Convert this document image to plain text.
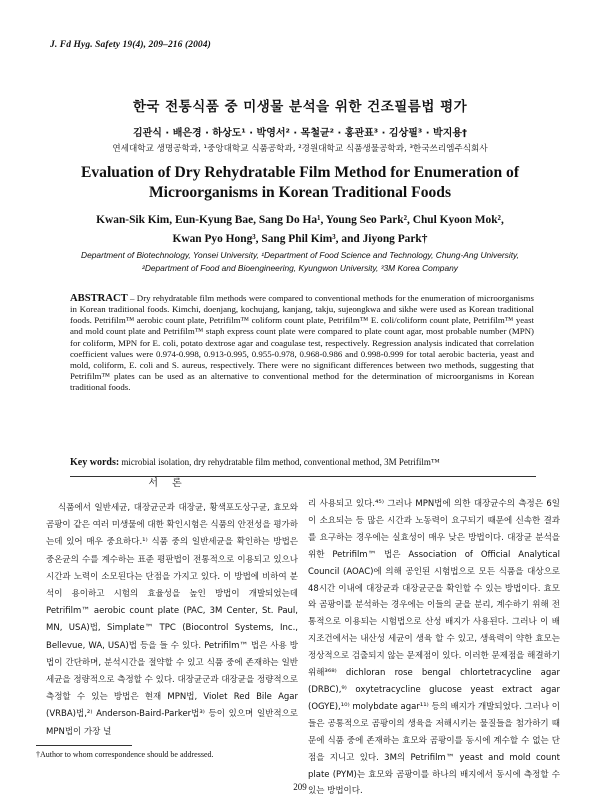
J. Fd Hyg. Safety 19(4), 209–216 (2004)
한국 전통식품 중 미생물 분석을 위한 건조필름법 평가
김관식 · 배은경 · 하상도¹ · 박영서² · 목철균² · 홍관표³ · 김상필³ · 박지용†
연세대학교 생명공학과, ¹중앙대학교 식품공학과, ²경원대학교 식품생물공학과, ³한국쓰리엠주식회사
Evaluation of Dry Rehydratable Film Method for Enumeration of
Microorganisms in Korean Traditional Foods
Kwan-Sik Kim, Eun-Kyung Bae, Sang Do Ha¹, Young Seo Park², Chul Kyoon Mok²,
Kwan Pyo Hong³, Sang Phil Kim³, and Jiyong Park†
Department of Biotechnology, Yonsei University, ¹Department of Food Science and Technology, Chung-Ang University,
²Department of Food and Bioengineering, Kyungwon University, ³3M Korea Company
ABSTRACT – Dry rehydratable film methods were compared to conventional methods for the enumeration of microorganisms in Korean traditional foods. Kimchi, doenjang, kochujang, kanjang, takju, sujeongkwa and sikhe were used as Korean traditional foods. Petrifilm™ aerobic count plate, Petrifilm™ coliform count plate, Petrifilm™ E. coli/coliform count plate, Petrifilm™ yeast and mold count plate and Petrifilm™ staph express count plate were compared to plate count agar, most probable number (MPN) for coliform, MPN for E. coli, potato dextrose agar and coagulase test, respectively. Regression analysis indicated that correlation coefficient values were 0.974-0.998, 0.913-0.995, 0.955-0.978, 0.968-0.986 and 0.998-0.999 for total aerobic bacteria, yeast and mold, coliform, E. coli and S. aureus, respectively. There were no significant differences between two methods, suggesting that Petrifilm™ plates can be used as an alternative to conventional method for the determination of microorganisms in Korean traditional foods.
Key words: microbial isolation, dry rehydratable film method, conventional method, 3M Petrifilm™
서론

식품에서 일반세균, 대장균군과 대장균, 황색포도상구균, 효모와 곰팡이 같은 여러 미생물에 대한 확인시험은 식품의 안전성을 평가하는데 있어 매우 중요하다.¹⁾ 식품 중의 일반세균을 확인하는 방법은 중온균의 수를 계수하는 표준 평판법이 전통적으로 이용되고 있으나 시간과 노력이 소모된다는 단점을 가지고 있다. 이 방법에 비하여 분석이 용이하고 시험의 효율성을 높인 방법이 개발되었는데 Petrifilm™ aerobic count plate (PAC, 3M Center, St. Paul, MN, USA)법, Simplate™ TPC (Biocontrol Systems, Inc., Bellevue, WA, USA)법 등을 들 수 있다. Petrifilm™ 법은 사용 방법이 간단하며, 분석시간을 절약할 수 있고 식품 중에 존재하는 일반세균을 정량적으로 측정할 수 있다. 대장균군과 대장균을 정량적으로 측정할 수 있는 방법은 현재 MPN법, Violet Red Bile Agar (VRBA)법,²⁾ Anderson-Baird-Parker법³⁾ 등이 있으며 일반적으로 MPN법이 가장 널

리 사용되고 있다.⁴⁵⁾ 그러나 MPN법에 의한 대장균수의 측정은 6일이 소요되는 등 많은 시간과 노동력이 요구되기 때문에 신속한 결과를 요구하는 경우에는 실효성이 매우 낮은 방법이다. 대장균 분석을 위한 Petrifilm™ 법은 Association of Official Analytical Council (AOAC)에 의해 공인된 시험법으로 모든 식품을 대상으로 48시간 이내에 대장균과 대장균군을 확인할 수 있는 방법이다. 효모와 곰팡이를 분석하는 경우에는 이들의 균을 분리, 계수하기 위해 전통적으로 이용되는 시험법으로 산성 배지가 사용된다. 그러나 이 배지조건에서는 내산성 세균이 생육 할 수 있고, 생육력이 약한 효모는 정상적으로 검출되지 않는 문제점이 있다. 이러한 문제점을 해결하기 위해³⁶⁸⁾ dichloran rose bengal chlortetracycline agar (DRBC),⁹⁾ oxytetracycline glucose yeast extract agar (OGYE),¹⁰⁾ molybdate agar¹¹⁾ 등의 배지가 개발되었다. 그러나 이들은 공통적으로 곰팡이의 생육을 저해시키는 물질들을 첨가하기 때문에 식품 중에 존재하는 효모와 곰팡이를 동시에 계수할 수 없는 단점을 지니고 있다. 3M의 Petrifilm™ yeast and mold count plate (PYM)는 효모와 곰팡이를 하나의 배지에서 동시에 측정할 수 있는 방법이다.

†Author to whom correspondence should be addressed.
209
